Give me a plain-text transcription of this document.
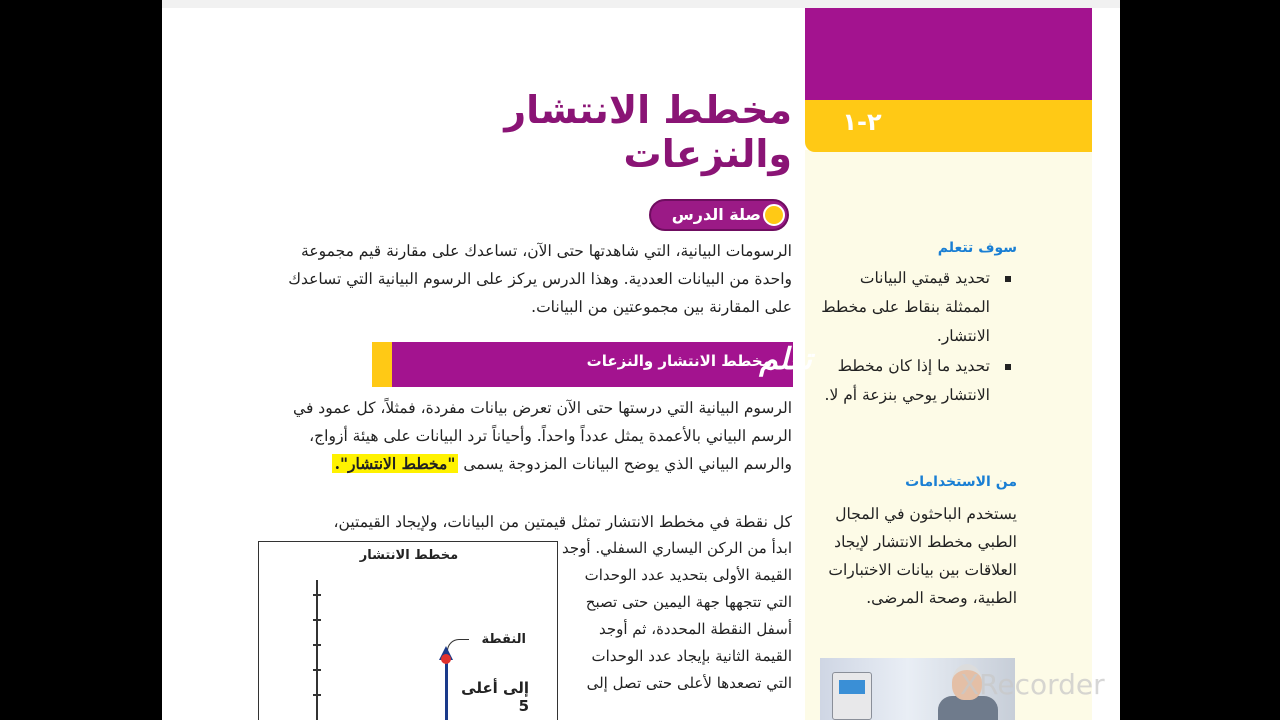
٢-١
مخطط الانتشار والنزعات
صلة الدرس
الرسومات البيانية، التي شاهدتها حتى الآن، تساعدك على مقارنة قيم مجموعة واحدة من البيانات العددية. وهذا الدرس يركز على الرسوم البيانية التي تساعدك على المقارنة بين مجموعتين من البيانات.
مخطط الانتشار والنزعات
تعلم
الرسوم البيانية التي درستها حتى الآن تعرض بيانات مفردة، فمثلاً، كل عمود في الرسم البياني بالأعمدة يمثل عدداً واحداً. وأحياناً ترد البيانات على هيئة أزواج، والرسم البياني الذي يوضح البيانات المزدوجة يسمى "مخطط الانتشار".
كل نقطة في مخطط الانتشار تمثل قيمتين من البيانات، ولإيجاد القيمتين،
ابدأ من الركن اليساري السفلي. أوجد القيمة الأولى بتحديد عدد الوحدات التي تتجهها جهة اليمين حتى تصبح أسفل النقطة المحددة، ثم أوجد القيمة الثانية بإيجاد عدد الوحدات التي تصعدها لأعلى حتى تصل إلى
مخطط الانتشار
النقطة
إلى أعلى 5
سوف تتعلم
تحديد قيمتي البيانات الممثلة بنقاط على مخطط الانتشار.
تحديد ما إذا كان مخطط الانتشار يوحي بنزعة أم لا.
من الاستخدامات
يستخدم الباحثون في المجال الطبي مخطط الانتشار لإيجاد العلاقات بين بيانات الاختبارات الطبية، وصحة المرضى.
XRecorder
